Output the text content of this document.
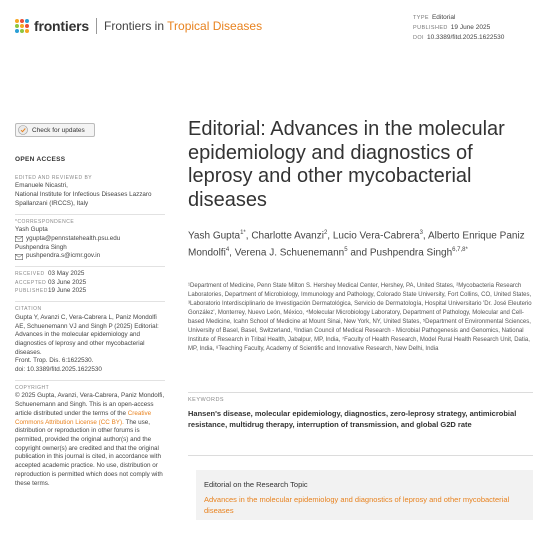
frontiers Frontiers in Tropical Diseases
TYPE Editorial
PUBLISHED 19 June 2025
DOI 10.3389/fitd.2025.1622530
Check for updates
OPEN ACCESS
EDITED AND REVIEWED BY
Emanuele Nicastri,
National Institute for Infectious Diseases Lazzaro Spallanzani (IRCCS), Italy
*CORRESPONDENCE
Yash Gupta
ygupta@pennstatehealth.psu.edu
Pushpendra Singh
pushpendra.s@icmr.gov.in
RECEIVED 03 May 2025
ACCEPTED 03 June 2025
PUBLISHED 19 June 2025
CITATION
Gupta Y, Avanzi C, Vera-Cabrera L, Paniz Mondolfi AE, Schuenemann VJ and Singh P (2025) Editorial: Advances in the molecular epidemiology and diagnostics of leprosy and other mycobacterial diseases.
Front. Trop. Dis. 6:1622530.
doi: 10.3389/fitd.2025.1622530
COPYRIGHT
© 2025 Gupta, Avanzi, Vera-Cabrera, Paniz Mondolfi, Schuenemann and Singh. This is an open-access article distributed under the terms of the Creative Commons Attribution License (CC BY). The use, distribution or reproduction in other forums is permitted, provided the original author(s) and the copyright owner(s) are credited and that the original publication in this journal is cited, in accordance with accepted academic practice. No use, distribution or reproduction is permitted which does not comply with these terms.
Editorial: Advances in the molecular epidemiology and diagnostics of leprosy and other mycobacterial diseases
Yash Gupta$^{1*}$, Charlotte Avanzi$^2$, Lucio Vera-Cabrera$^3$, Alberto Enrique Paniz Mondolfi$^4$, Verena J. Schuenemann$^5$ and Pushpendra Singh$^{6,7,8*}$
¹Department of Medicine, Penn State Milton S. Hershey Medical Center, Hershey, PA, United States, ²Mycobacteria Research Laboratories, Department of Microbiology, Immunology and Pathology, Colorado State University, Fort Collins, CO, United States, ³Laboratorio Interdisciplinario de Investigación Dermatológica, Servicio de Dermatología, Hospital Universitario 'Dr. José Eleuterio González', Monterrey, Nuevo León, México, ⁴Molecular Microbiology Laboratory, Department of Pathology, Molecular and Cell-based Medicine, Icahn School of Medicine at Mount Sinai, New York, NY, United States, ⁵Department of Environmental Sciences, University of Basel, Basel, Switzerland, ⁶Indian Council of Medical Research - Microbial Pathogenesis and Genomics, National Institute of Research in Tribal Health, Jabalpur, MP, India, ⁷Faculty of Health Research, Model Rural Health Research Unit, Datia, MP, India, ⁸Teaching Faculty, Academy of Scientific and Innovative Research, New Delhi, India
KEYWORDS
Hansen's disease, molecular epidemiology, diagnostics, zero-leprosy strategy, antimicrobial resistance, multidrug therapy, interruption of transmission, and global G2D rate
Editorial on the Research Topic
Advances in the molecular epidemiology and diagnostics of leprosy and other mycobacterial diseases
